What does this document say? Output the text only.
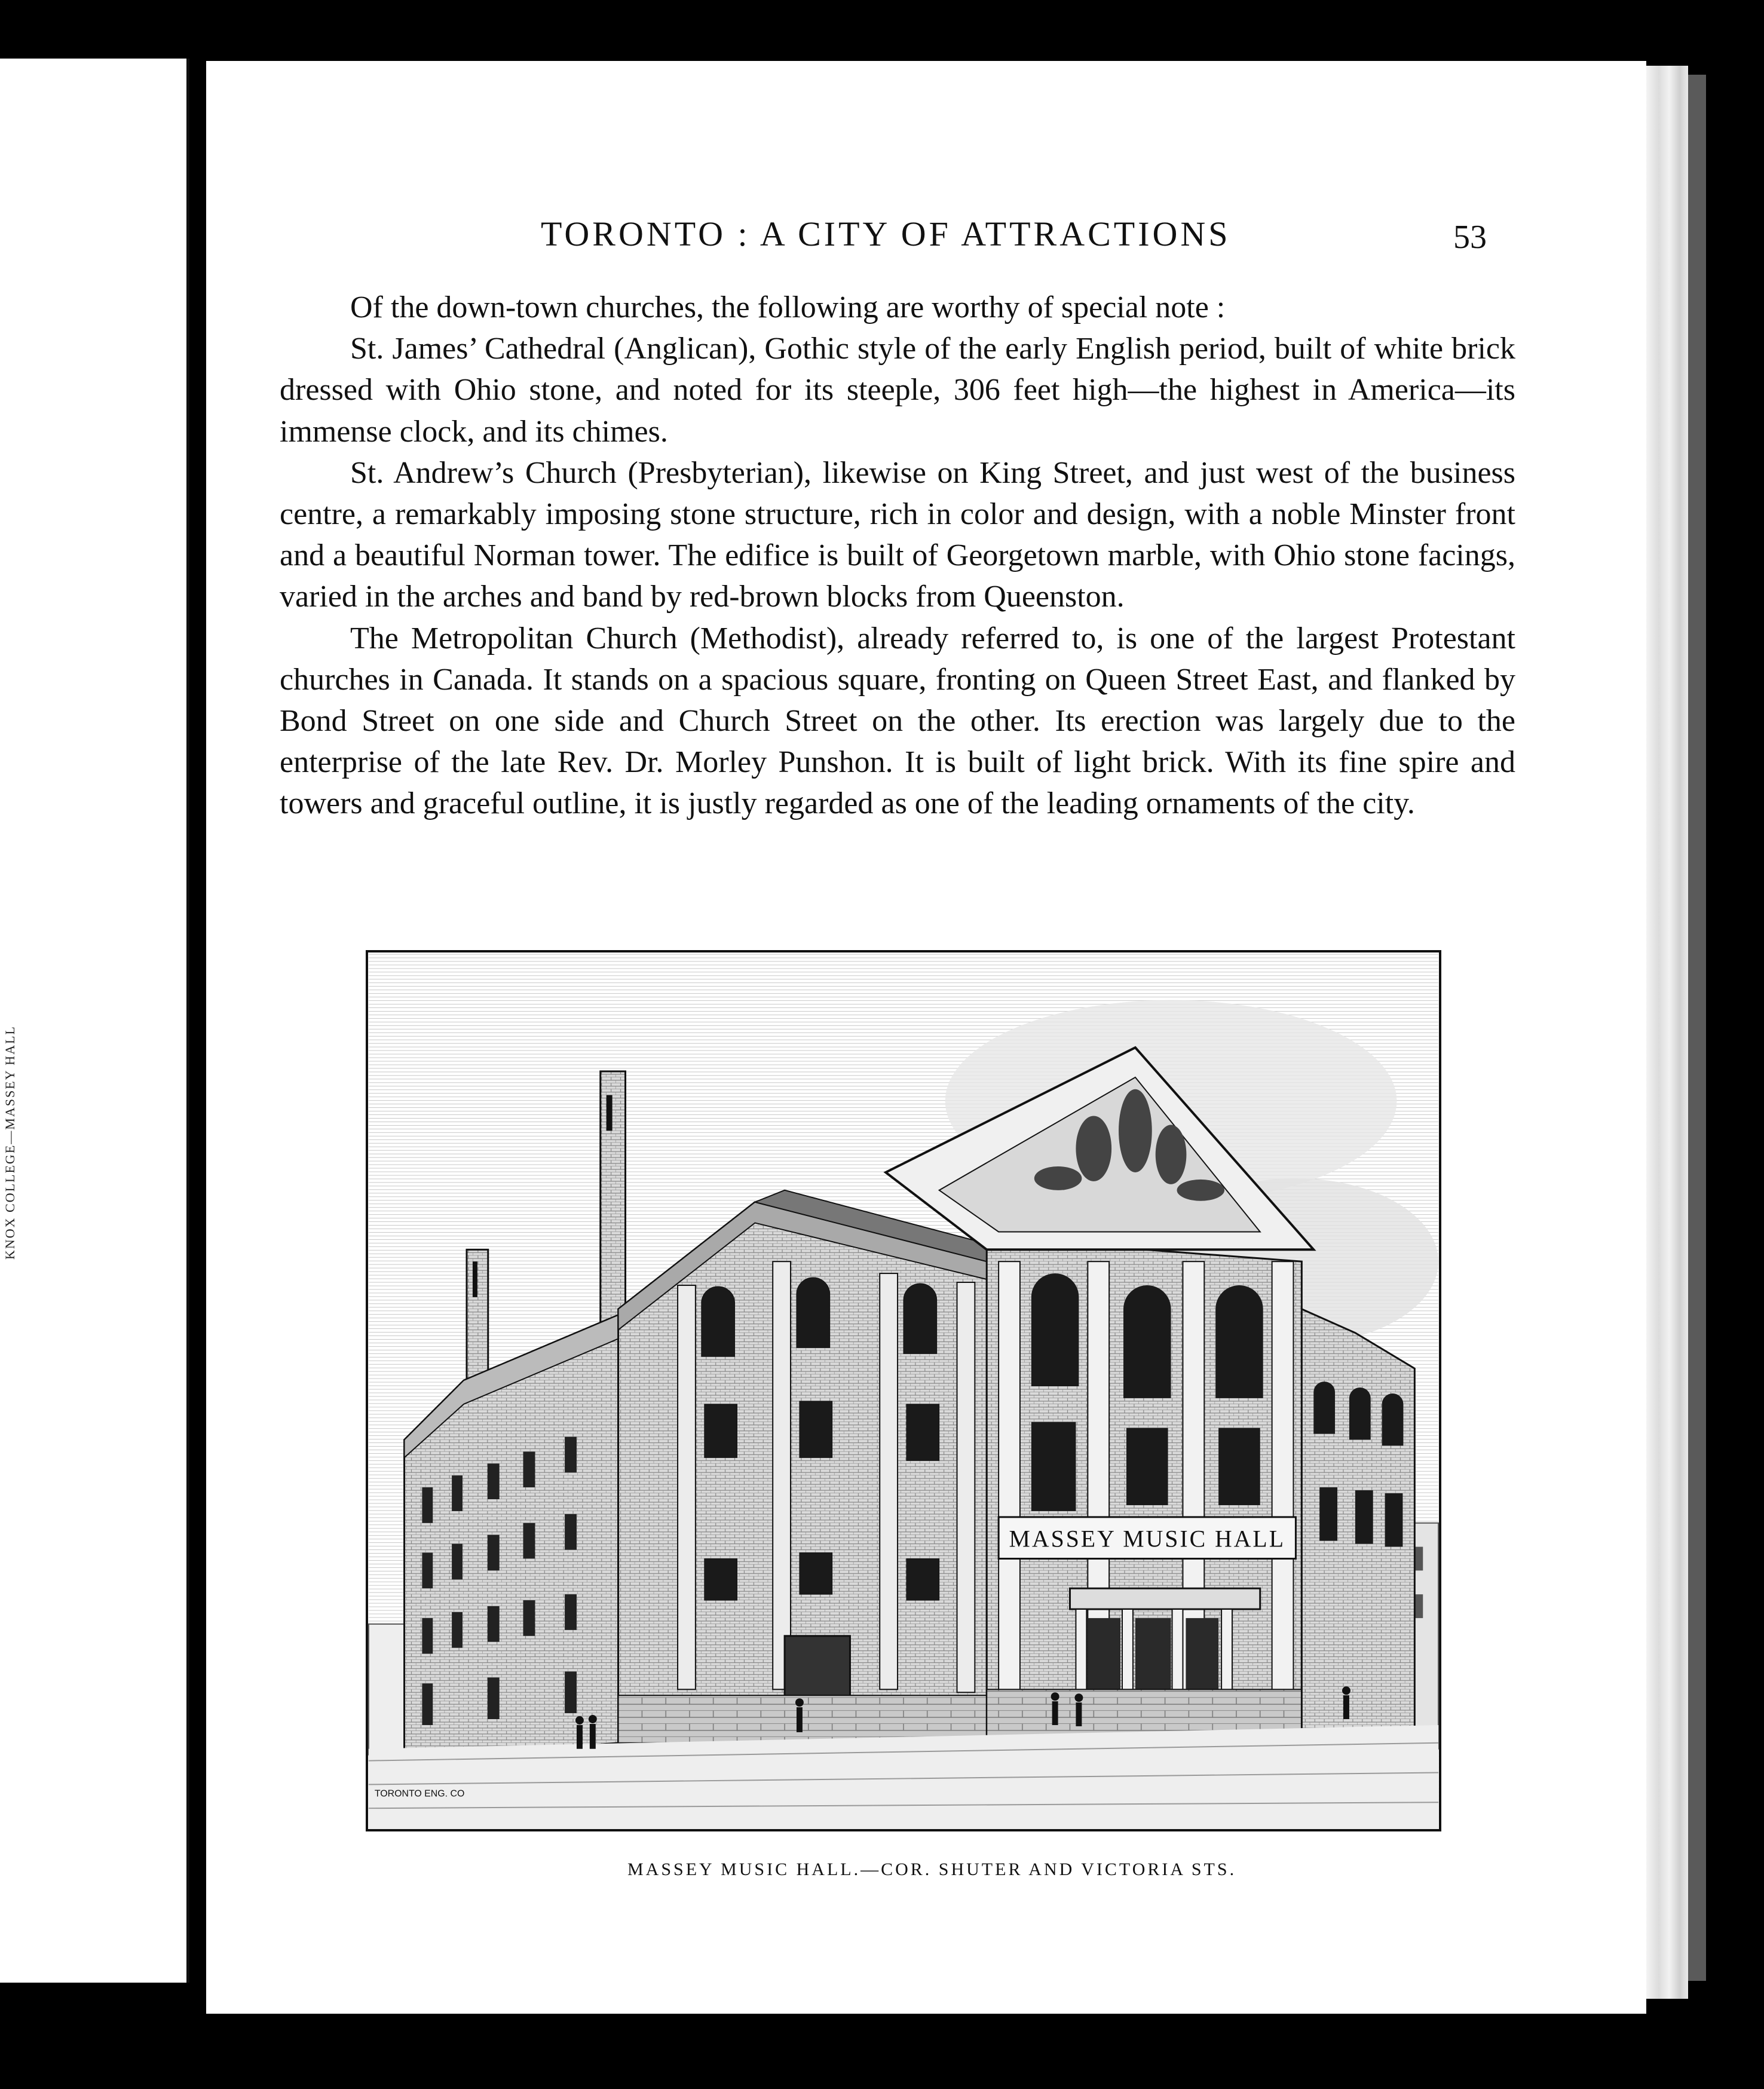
KNOX COLLEGE—MASSEY HALL
TORONTO : A CITY OF ATTRACTIONS	53

Of the down-town churches, the following are worthy of special note :

St. James’ Cathedral (Anglican), Gothic style of the early English period, built of white brick dressed with Ohio stone, and noted for its steeple, 306 feet high—the highest in America—its immense clock, and its chimes.

St. Andrew’s Church (Presbyterian), likewise on King Street, and just west of the business centre, a remarkably imposing stone structure, rich in color and design, with a noble Minster front and a beautiful Norman tower. The edifice is built of Georgetown marble, with Ohio stone facings, varied in the arches and band by red-brown blocks from Queenston.

The Metropolitan Church (Methodist), already referred to, is one of the largest Protestant churches in Canada. It stands on a spacious square, fronting on Queen Street East, and flanked by Bond Street on one side and Church Street on the other. Its erection was largely due to the enterprise of the late Rev. Dr. Morley Punshon. It is built of light brick. With its fine spire and towers and graceful outline, it is justly regarded as one of the leading ornaments of the city.

MASSEY MUSIC HALL
TORONTO ENG. CO
MASSEY MUSIC HALL.—COR. SHUTER AND VICTORIA STS.
